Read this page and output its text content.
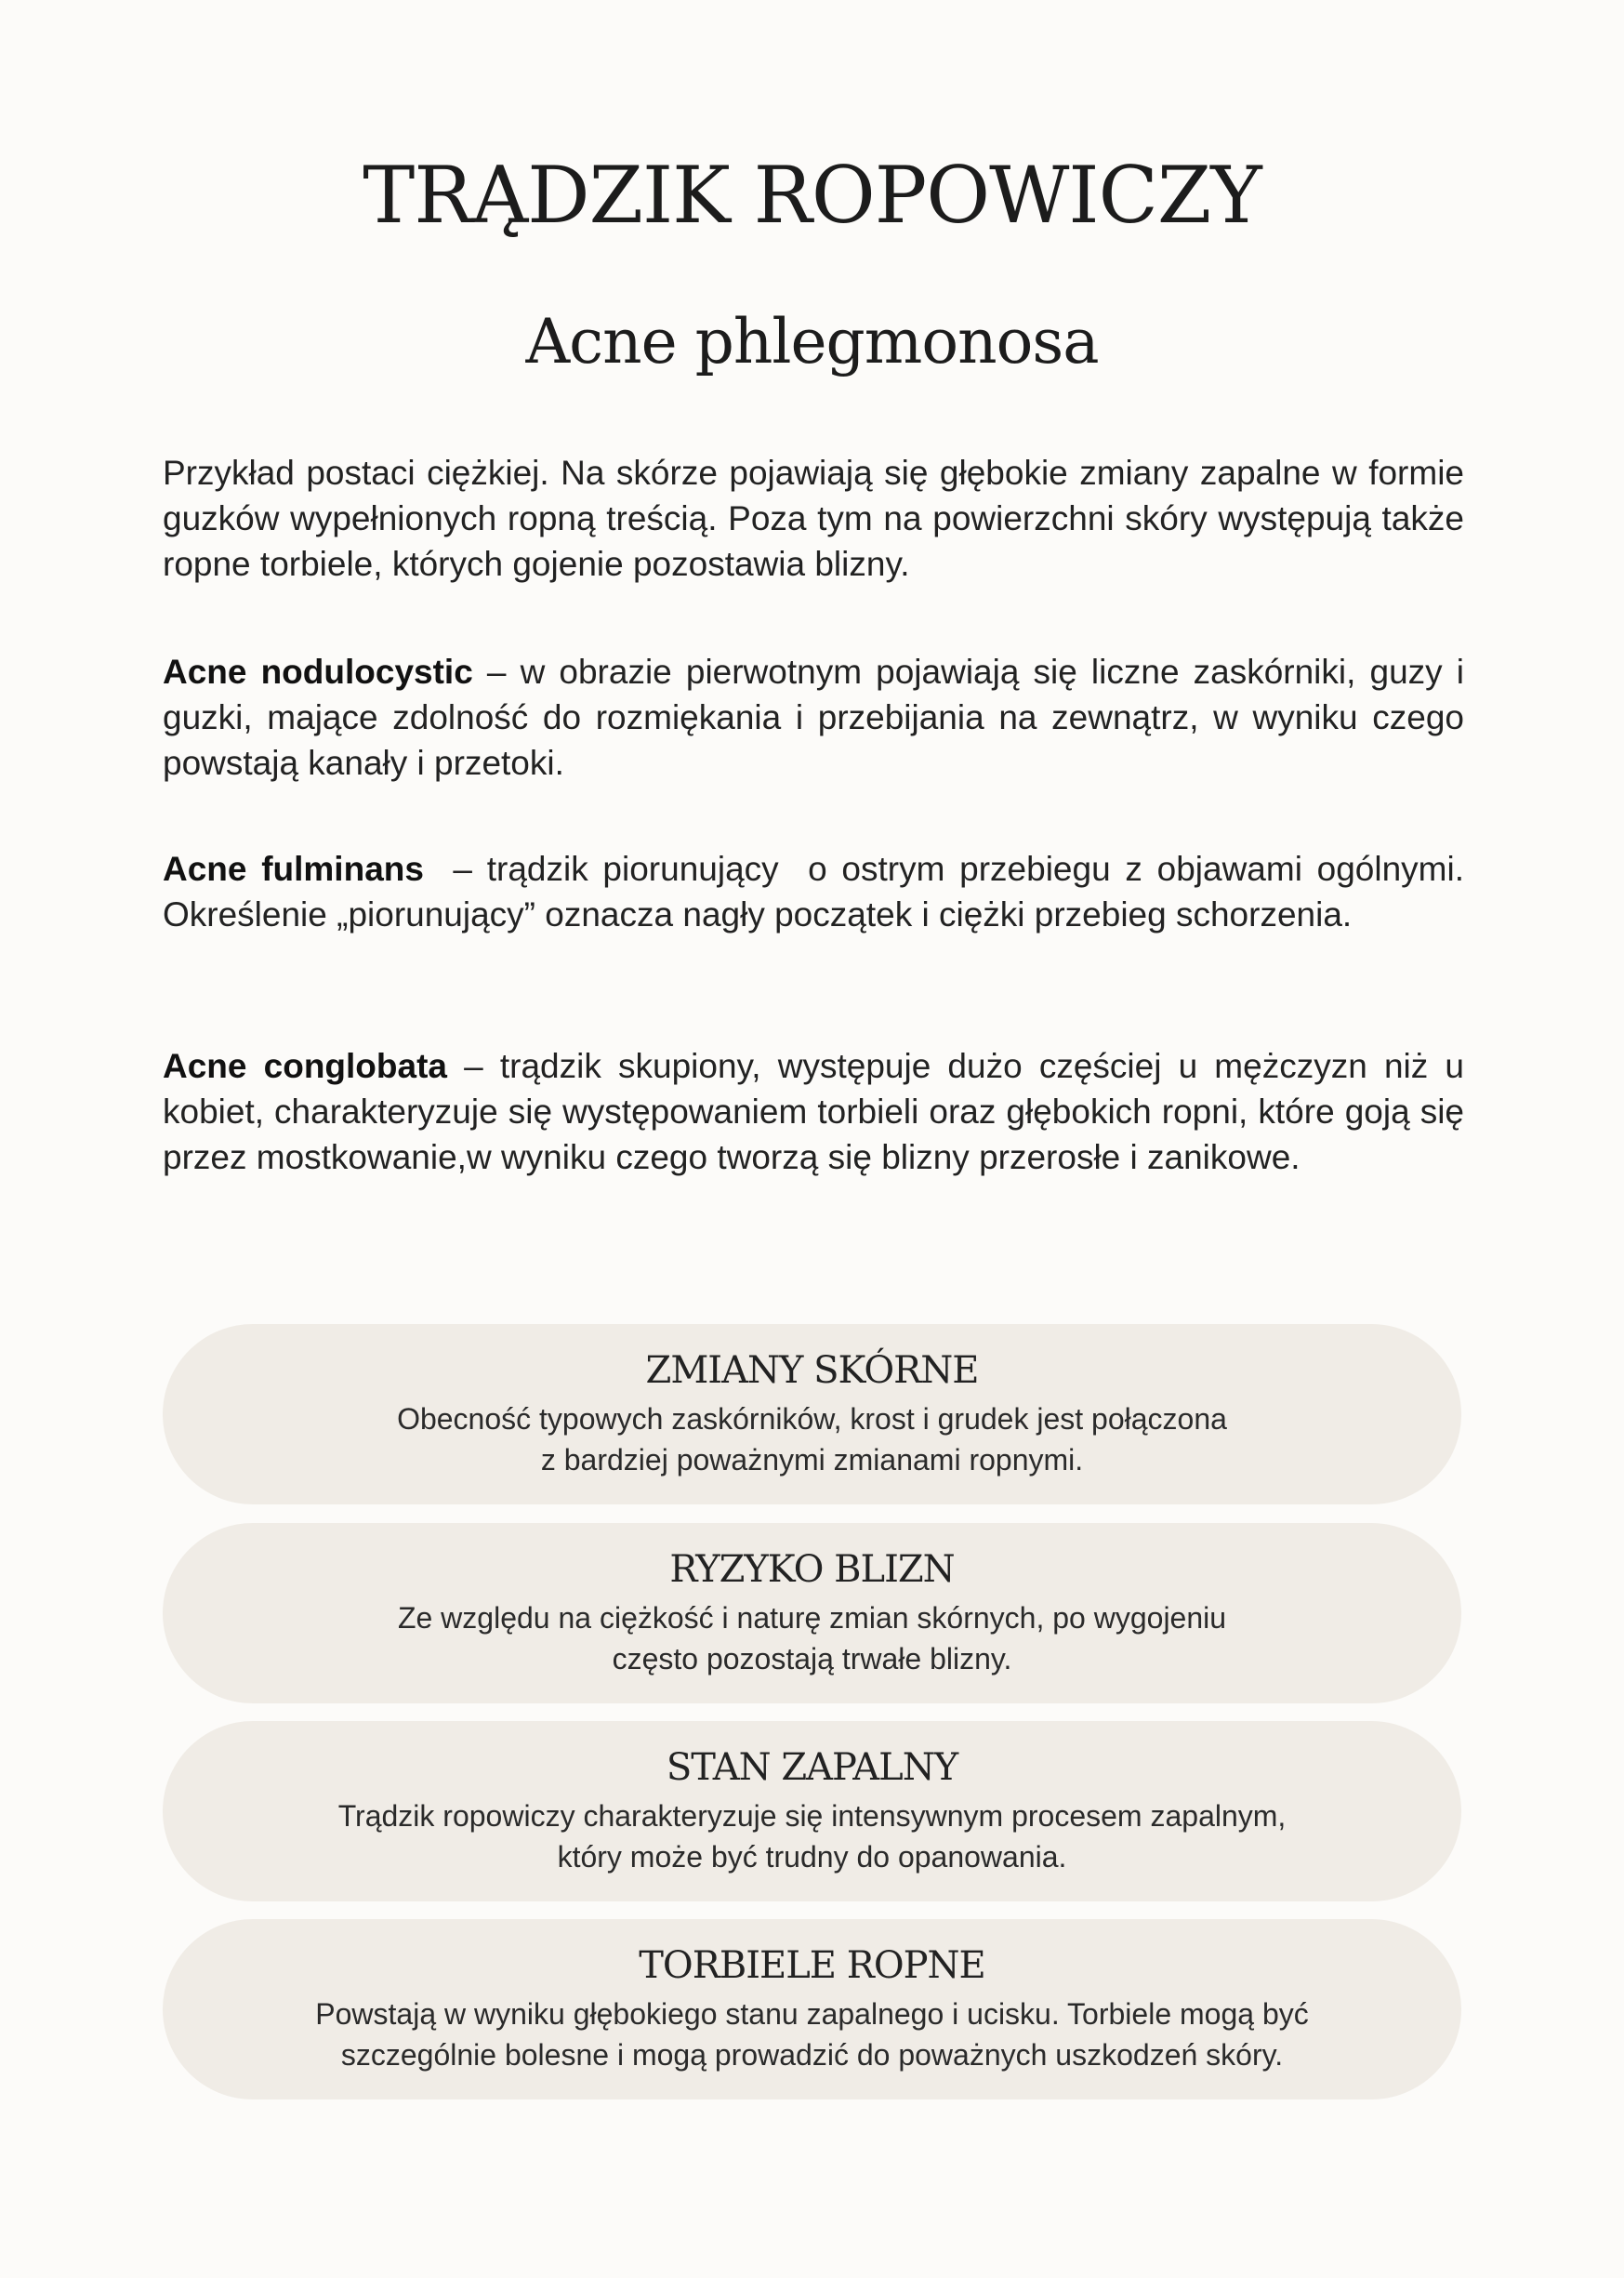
TRĄDZIK ROPOWICZY
Acne phlegmonosa

Przykład postaci ciężkiej. Na skórze pojawiają się głębokie zmiany zapalne w formie guzków wypełnionych ropną treścią. Poza tym na powierzchni skóry występują także ropne torbiele, których gojenie pozostawia blizny.

Acne nodulocystic – w obrazie pierwotnym pojawiają się liczne zaskórniki, guzy i guzki, mające zdolność do rozmiękania i przebijania na zewnątrz, w wyniku czego powstają kanały i przetoki.

Acne fulminans  – trądzik piorunujący  o ostrym przebiegu z objawami ogólnymi. Określenie „piorunujący” oznacza nagły początek i ciężki przebieg schorzenia.

Acne conglobata – trądzik skupiony, występuje dużo częściej u mężczyzn niż u kobiet, charakteryzuje się występowaniem torbieli oraz głębokich ropni, które goją się przez mostkowanie,w wyniku czego tworzą się blizny przerosłe i zanikowe.

ZMIANY SKÓRNE
Obecność typowych zaskórników, krost i grudek jest połączona z bardziej poważnymi zmianami ropnymi.
RYZYKO BLIZN
Ze względu na ciężkość i naturę zmian skórnych, po wygojeniu często pozostają trwałe blizny.
STAN ZAPALNY
Trądzik ropowiczy charakteryzuje się intensywnym procesem zapalnym, który może być trudny do opanowania.
TORBIELE ROPNE
Powstają w wyniku głębokiego stanu zapalnego i ucisku. Torbiele mogą być szczególnie bolesne i mogą prowadzić do poważnych uszkodzeń skóry.
